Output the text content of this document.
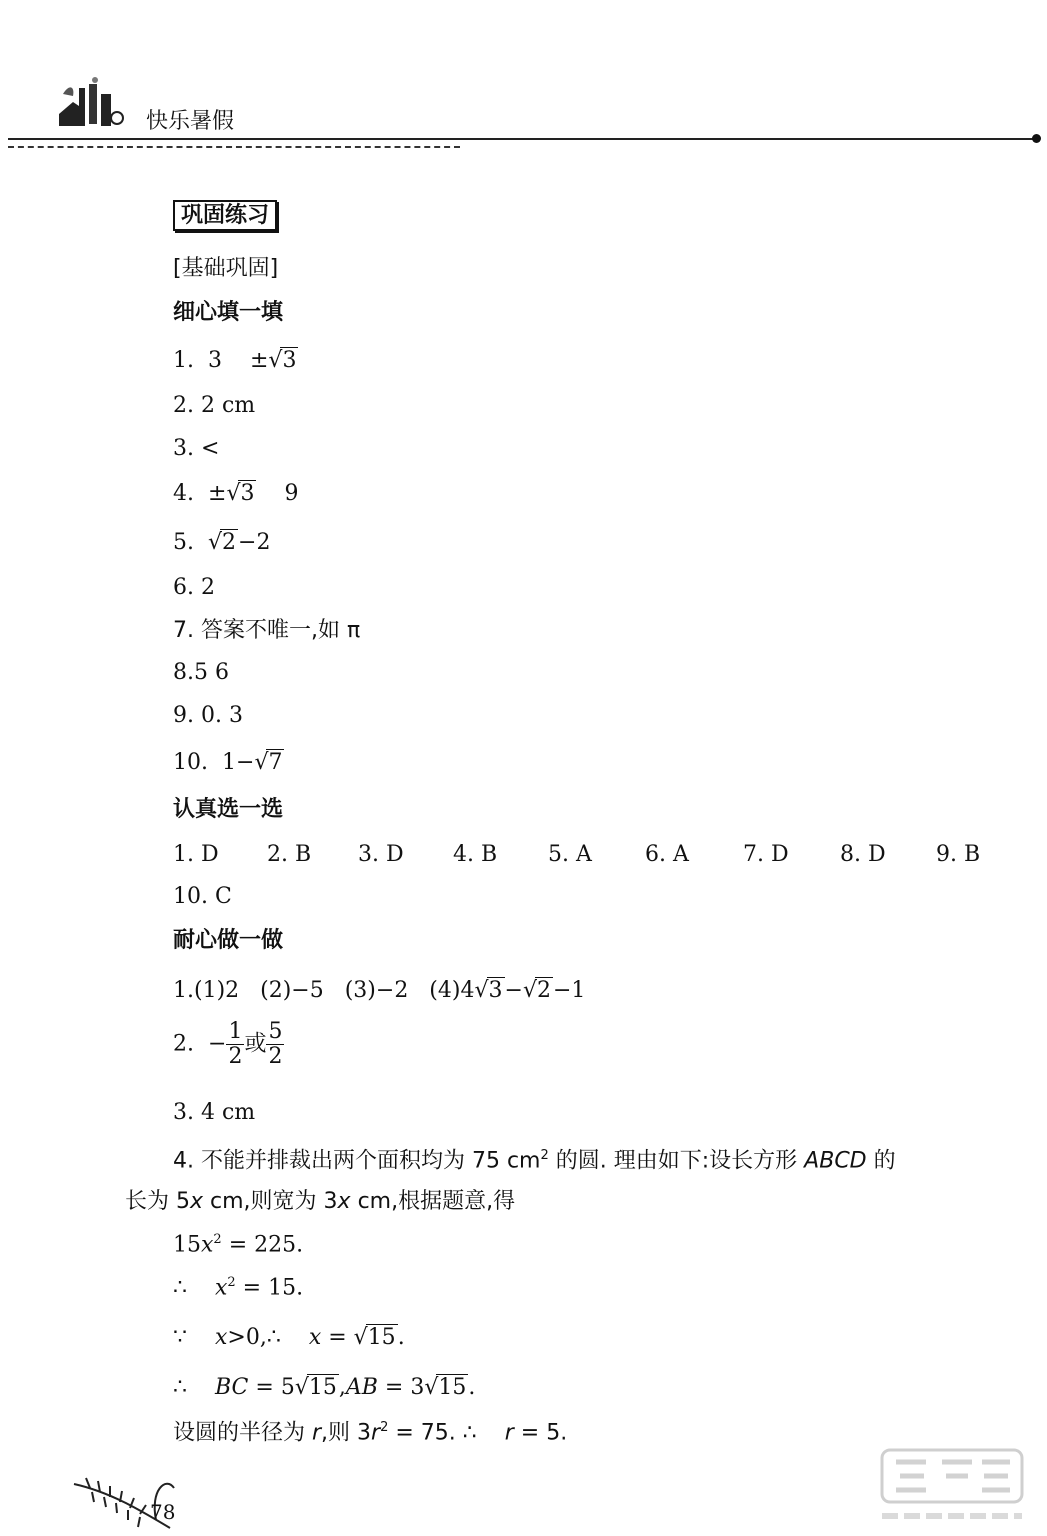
快乐暑假
巩固练习
[基础巩固]
细心填一填
1. 3 ±√3
2. 2 cm
3. <
4. ±√3 9
5. √2−2
6. 2
7. 答案不唯一,如 π
8.5 6
9. 0. 3
10. 1−√7
认真选一选
1. D 2. B 3. D 4. B 5. A 6. A 7. D 8. D 9. B
10. C
耐心做一做
1.(1)2 (2)−5 (3)−2 (4)4√3−√2−1
2. − $\frac{1}{2}$ 或 $\frac{5}{2}$
3. 4 cm
4. 不能并排裁出两个面积均为 75 $cm^2$ 的圆. 理由如下:设长方形 ABCD 的
长为 5x cm,则宽为 3x cm,根据题意,得
$15x^2 = 225$.
∴ $x^2 = 15$.
∵ x>0,∴ x = √15.
∴ BC = 5√15,AB = 3√15.
设圆的半径为 r,则 $3r^2 = 75$. ∴ r = 5.
78
